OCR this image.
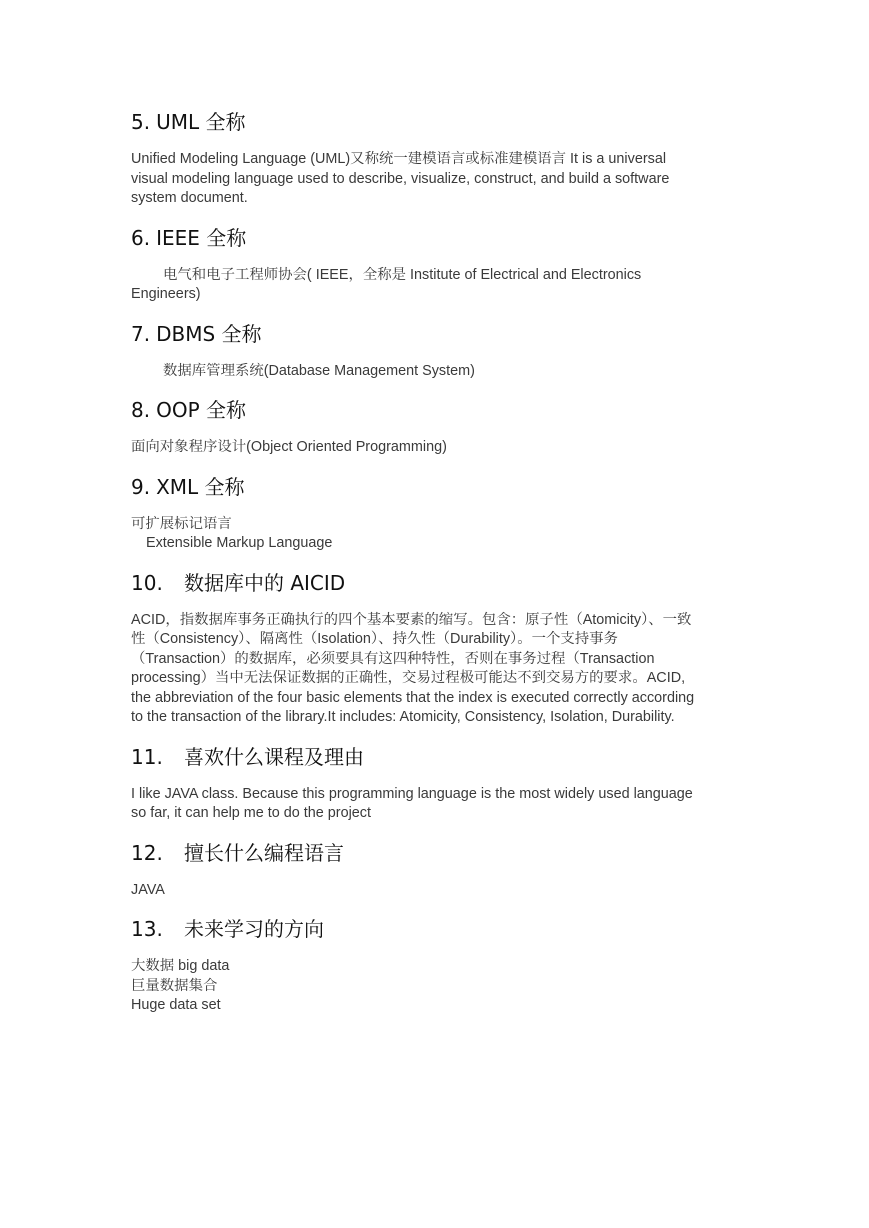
5. UML 全称
Unified Modeling Language (UML)又称统一建模语言或标准建模语言 It is a universal
visual modeling language used to describe, visualize, construct, and build a software
system document.
6. IEEE 全称
电气和电子工程师协会( IEEE，全称是 Institute of Electrical and Electronics
Engineers)
7. DBMS 全称
数据库管理系统(Database Management System)
8. OOP 全称
面向对象程序设计(Object Oriented Programming)
9. XML 全称
可扩展标记语言
Extensible Markup Language
10. 数据库中的 AICID
ACID，指数据库事务正确执行的四个基本要素的缩写。包含：原子性（Atomicity）、一致
性（Consistency）、隔离性（Isolation）、持久性（Durability）。一个支持事务
（Transaction）的数据库，必须要具有这四种特性，否则在事务过程（Transaction
processing）当中无法保证数据的正确性，交易过程极可能达不到交易方的要求。ACID,
the abbreviation of the four basic elements that the index is executed correctly according
to the transaction of the library.It includes: Atomicity, Consistency, Isolation, Durability.
11. 喜欢什么课程及理由
I like JAVA class. Because this programming language is the most widely used language
so far, it can help me to do the project
12. 擅长什么编程语言
JAVA
13. 未来学习的方向
大数据 big data
巨量数据集合
Huge data set
